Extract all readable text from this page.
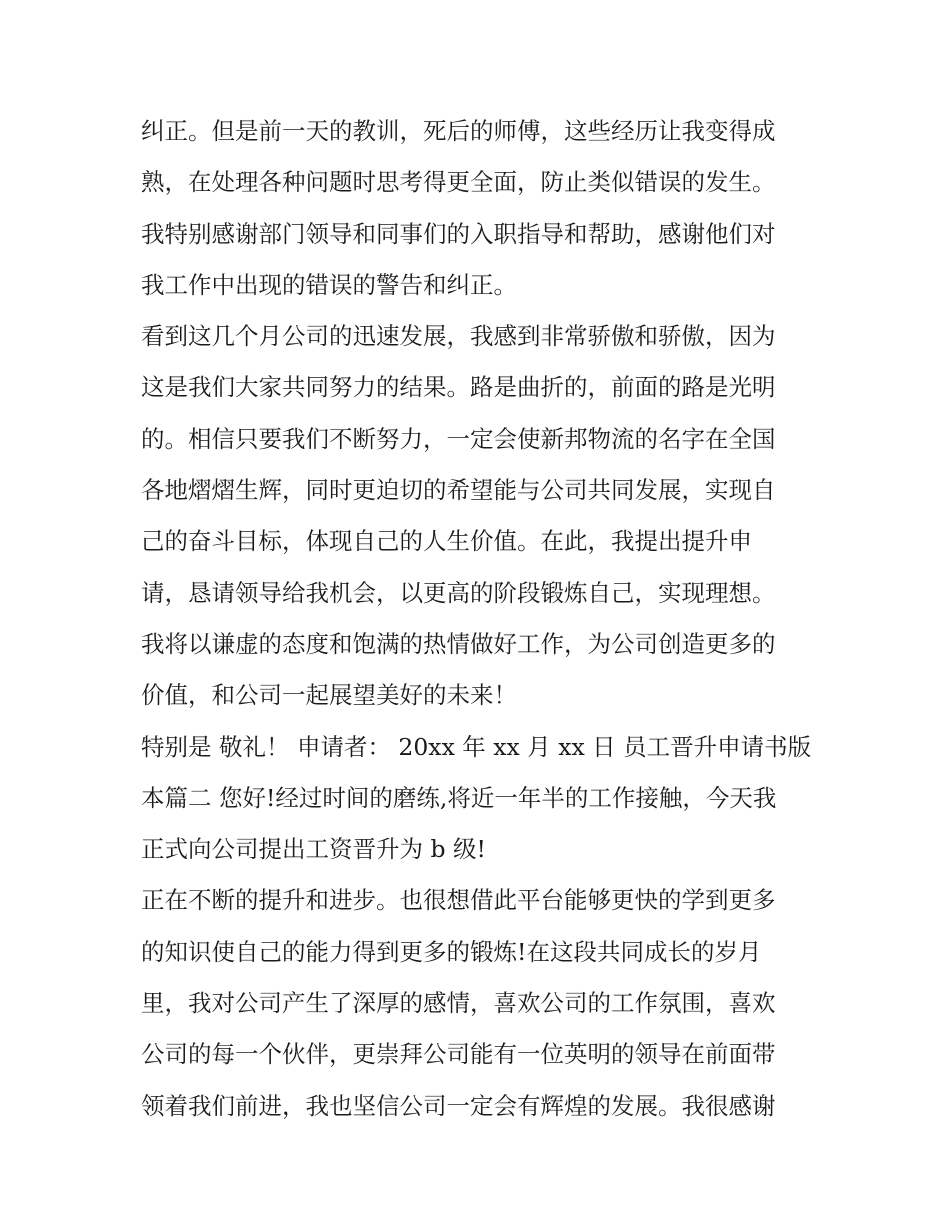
纠正。但是前一天的教训，死后的师傅，这些经历让我变得成
熟，在处理各种问题时思考得更全面，防止类似错误的发生。
我特别感谢部门领导和同事们的入职指导和帮助，感谢他们对
我工作中出现的错误的警告和纠正。
看到这几个月公司的迅速发展，我感到非常骄傲和骄傲，因为
这是我们大家共同努力的结果。路是曲折的，前面的路是光明
的。相信只要我们不断努力，一定会使新邦物流的名字在全国
各地熠熠生辉，同时更迫切的希望能与公司共同发展，实现自
己的奋斗目标，体现自己的人生价值。在此，我提出提升申
请，恳请领导给我机会，以更高的阶段锻炼自己，实现理想。
我将以谦虚的态度和饱满的热情做好工作，为公司创造更多的
价值，和公司一起展望美好的未来！
特别是 敬礼！ 申请者： 20xx 年 xx 月 xx 日 员工晋升申请书版
本篇二 您好!经过时间的磨练,将近一年半的工作接触，今天我
正式向公司提出工资晋升为 b 级!
正在不断的提升和进步。也很想借此平台能够更快的学到更多
的知识使自己的能力得到更多的锻炼!在这段共同成长的岁月
里，我对公司产生了深厚的感情，喜欢公司的工作氛围，喜欢
公司的每一个伙伴，更崇拜公司能有一位英明的领导在前面带
领着我们前进，我也坚信公司一定会有辉煌的发展。我很感谢
